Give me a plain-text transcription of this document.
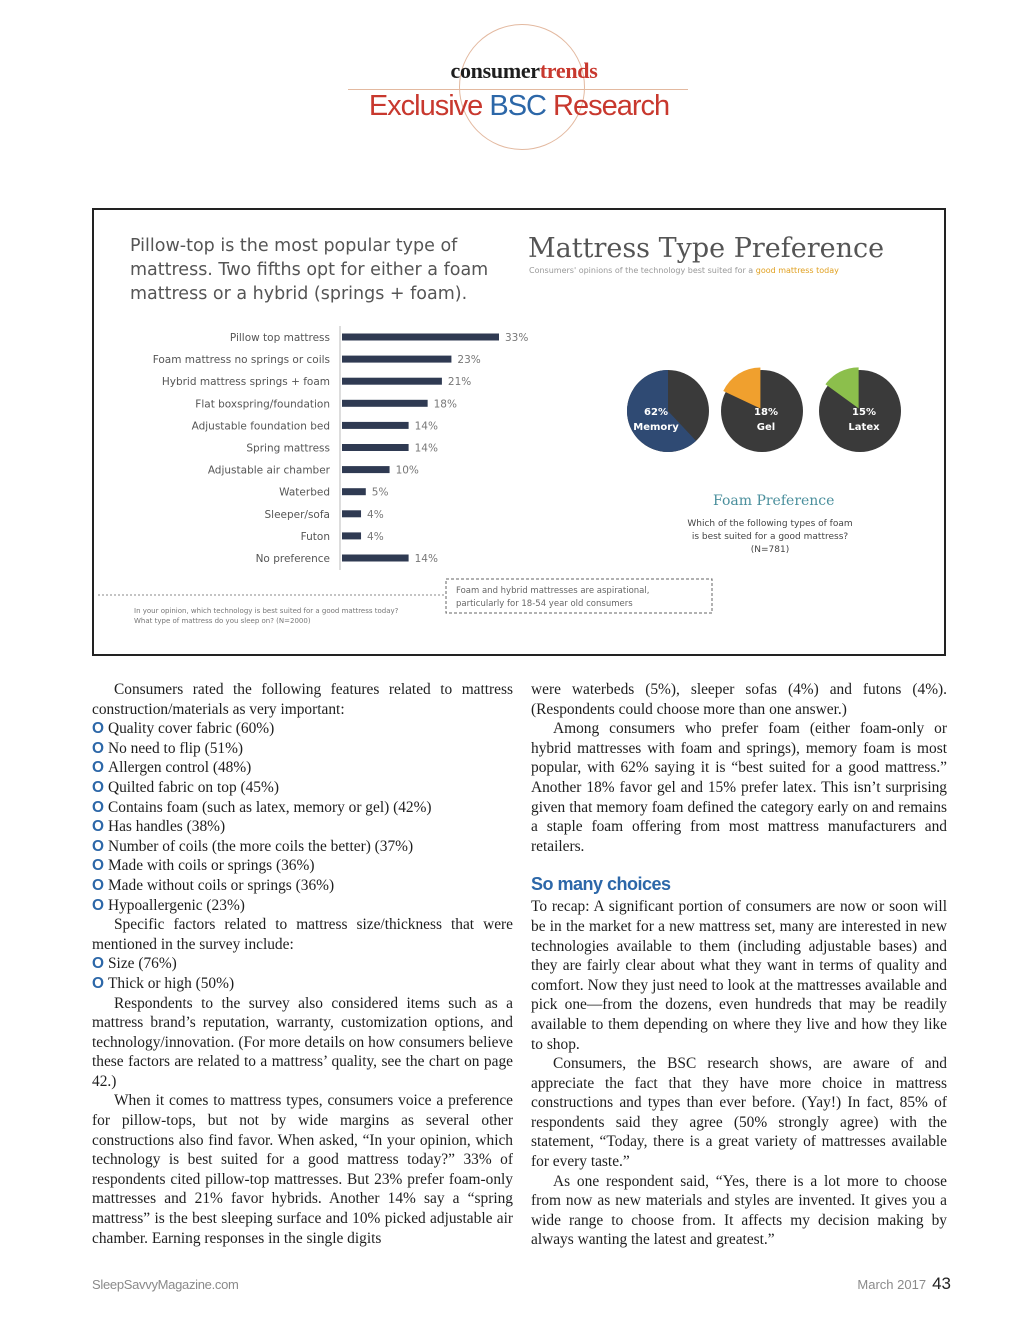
consumertrends
Exclusive BSC Research
Pillow-top is the most popular type of
mattress. Two fifths opt for either a foam
mattress or a hybrid (springs + foam).
Mattress Type Preference
Consumers' opinions of the technology best suited for a good mattress today
Pillow top mattress	33%
Foam mattress no springs or coils	23%
Hybrid mattress springs + foam	21%
Flat boxspring/foundation	18%
Adjustable foundation bed	14%
Spring mattress	14%
Adjustable air chamber	10%
Waterbed	5%
Sleeper/sofa	4%
Futon	4%
No preference	14%
62%
Memory
18%
Gel
15%
Latex
Foam Preference
Which of the following types of foam
is best suited for a good mattress?
(N=781)
In your opinion, which technology is best suited for a good mattress today?
What type of mattress do you sleep on? (N=2000)
Foam and hybrid mattresses are aspirational,
particularly for 18-54 year old consumers

Consumers rated the following features related to mattress construction/materials as very important:

O Quality cover fabric (60%)
O No need to flip (51%)
O Allergen control (48%)
O Quilted fabric on top (45%)
O Contains foam (such as latex, memory or gel) (42%)
O Has handles (38%)
O Number of coils (the more coils the better) (37%)
O Made with coils or springs (36%)
O Made without coils or springs (36%)
O Hypoallergenic (23%)

Specific factors related to mattress size/thickness that were mentioned in the survey include:

O Size (76%)
O Thick or high (50%)

Respondents to the survey also considered items such as a mattress brand’s reputation, warranty, customization options, and technology/innovation. (For more details on how consumers believe these factors are related to a mattress’ quality, see the chart on page 42.)

When it comes to mattress types, consumers voice a preference for pillow-tops, but not by wide margins as several other constructions also find favor. When asked, “In your opinion, which technology is best suited for a good mattress today?” 33% of respondents cited pillow-top mattresses. But 23% prefer foam-only mattresses and 21% favor hybrids. Another 14% say a “spring mattress” is the best sleeping surface and 10% picked adjustable air chamber. Earning responses in the single digits

were waterbeds (5%), sleeper sofas (4%) and futons (4%). (Respondents could choose more than one answer.)

Among consumers who prefer foam (either foam-only or hybrid mattresses with foam and springs), memory foam is most popular, with 62% saying it is “best suited for a good mattress.” Another 18% favor gel and 15% prefer latex. This isn’t surprising given that memory foam defined the category early on and remains a staple foam offering from most mattress manufacturers and retailers.

So many choices

To recap: A significant portion of consumers are now or soon will be in the market for a new mattress set, many are interested in new technologies available to them (including adjustable bases) and they are fairly clear about what they want in terms of quality and comfort. Now they just need to look at the mattresses available and pick one—from the dozens, even hundreds that may be readily available to them depending on where they live and how they like to shop.

Consumers, the BSC research shows, are aware of and appreciate the fact that they have more choice in mattress constructions and types than ever before. (Yay!) In fact, 85% of respondents said they agree (50% strongly agree) with the statement, “Today, there is a great variety of mattresses available for every taste.”

As one respondent said, “Yes, there is a lot more to choose from now as new materials and styles are invented. It gives you a wide range to choose from. It affects my decision making by always wanting the latest and greatest.”

SleepSavvyMagazine.com	March 2017 43
